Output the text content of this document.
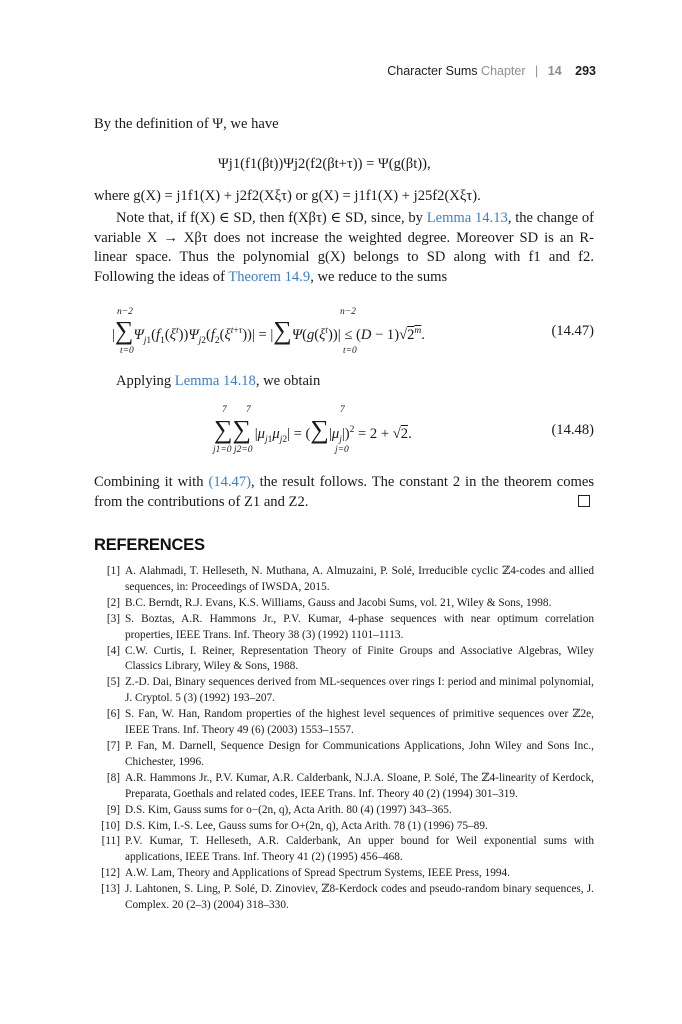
Character Sums Chapter | 14 293
By the definition of Ψ, we have
Ψj1(f1(βt))Ψj2(f2(βt+τ)) = Ψ(g(βt)),
where g(X) = j1f1(X) + j2f2(Xξτ) or g(X) = j1f1(X) + j25f2(Xξτ).
Note that, if f(X) ∈ SD, then f(Xβτ) ∈ SD, since, by Lemma 14.13, the change of variable X → Xβτ does not increase the weighted degree. Moreover SD is an R-linear space. Thus the polynomial g(X) belongs to SD along with f1 and f2. Following the ideas of Theorem 14.9, we reduce to the sums
n−2
t=0
n−2
t=0
$|\sum\Psi_{j1}(f_1(\xi^t))\Psi_{j2}(f_2(\xi^{t+\tau}))| = |\sum\Psi(g(\xi^t))| \le (D - 1)√2^m$.	(14.47)
Applying Lemma 14.18, we obtain
7 7
j1=0 j2=0
7
j=0
∑∑ $|\mu_{j1}\mu_{j2}| = (\sum|\mu_j|)^2 = 2 + √2$.	(14.48)
Combining it with (14.47), the result follows. The constant 2 in the theorem comes from the contributions of Z1 and Z2.
REFERENCES
[1] A. Alahmadi, T. Helleseth, N. Muthana, A. Almuzaini, P. Solé, Irreducible cyclic ℤ4-codes and allied sequences, in: Proceedings of IWSDA, 2015.
[2] B.C. Berndt, R.J. Evans, K.S. Williams, Gauss and Jacobi Sums, vol. 21, Wiley & Sons, 1998.
[3] S. Boztas, A.R. Hammons Jr., P.V. Kumar, 4-phase sequences with near optimum correlation properties, IEEE Trans. Inf. Theory 38 (3) (1992) 1101–1113.
[4] C.W. Curtis, I. Reiner, Representation Theory of Finite Groups and Associative Algebras, Wiley Classics Library, Wiley & Sons, 1988.
[5] Z.-D. Dai, Binary sequences derived from ML-sequences over rings I: period and minimal polynomial, J. Cryptol. 5 (3) (1992) 193–207.
[6] S. Fan, W. Han, Random properties of the highest level sequences of primitive sequences over ℤ2e, IEEE Trans. Inf. Theory 49 (6) (2003) 1553–1557.
[7] P. Fan, M. Darnell, Sequence Design for Communications Applications, John Wiley and Sons Inc., Chichester, 1996.
[8] A.R. Hammons Jr., P.V. Kumar, A.R. Calderbank, N.J.A. Sloane, P. Solé, The ℤ4-linearity of Kerdock, Preparata, Goethals and related codes, IEEE Trans. Inf. Theory 40 (2) (1994) 301–319.
[9] D.S. Kim, Gauss sums for o−(2n, q), Acta Arith. 80 (4) (1997) 343–365.
[10] D.S. Kim, I.-S. Lee, Gauss sums for O+(2n, q), Acta Arith. 78 (1) (1996) 75–89.
[11] P.V. Kumar, T. Helleseth, A.R. Calderbank, An upper bound for Weil exponential sums with applications, IEEE Trans. Inf. Theory 41 (2) (1995) 456–468.
[12] A.W. Lam, Theory and Applications of Spread Spectrum Systems, IEEE Press, 1994.
[13] J. Lahtonen, S. Ling, P. Solé, D. Zinoviev, ℤ8-Kerdock codes and pseudo-random binary sequences, J. Complex. 20 (2–3) (2004) 318–330.
